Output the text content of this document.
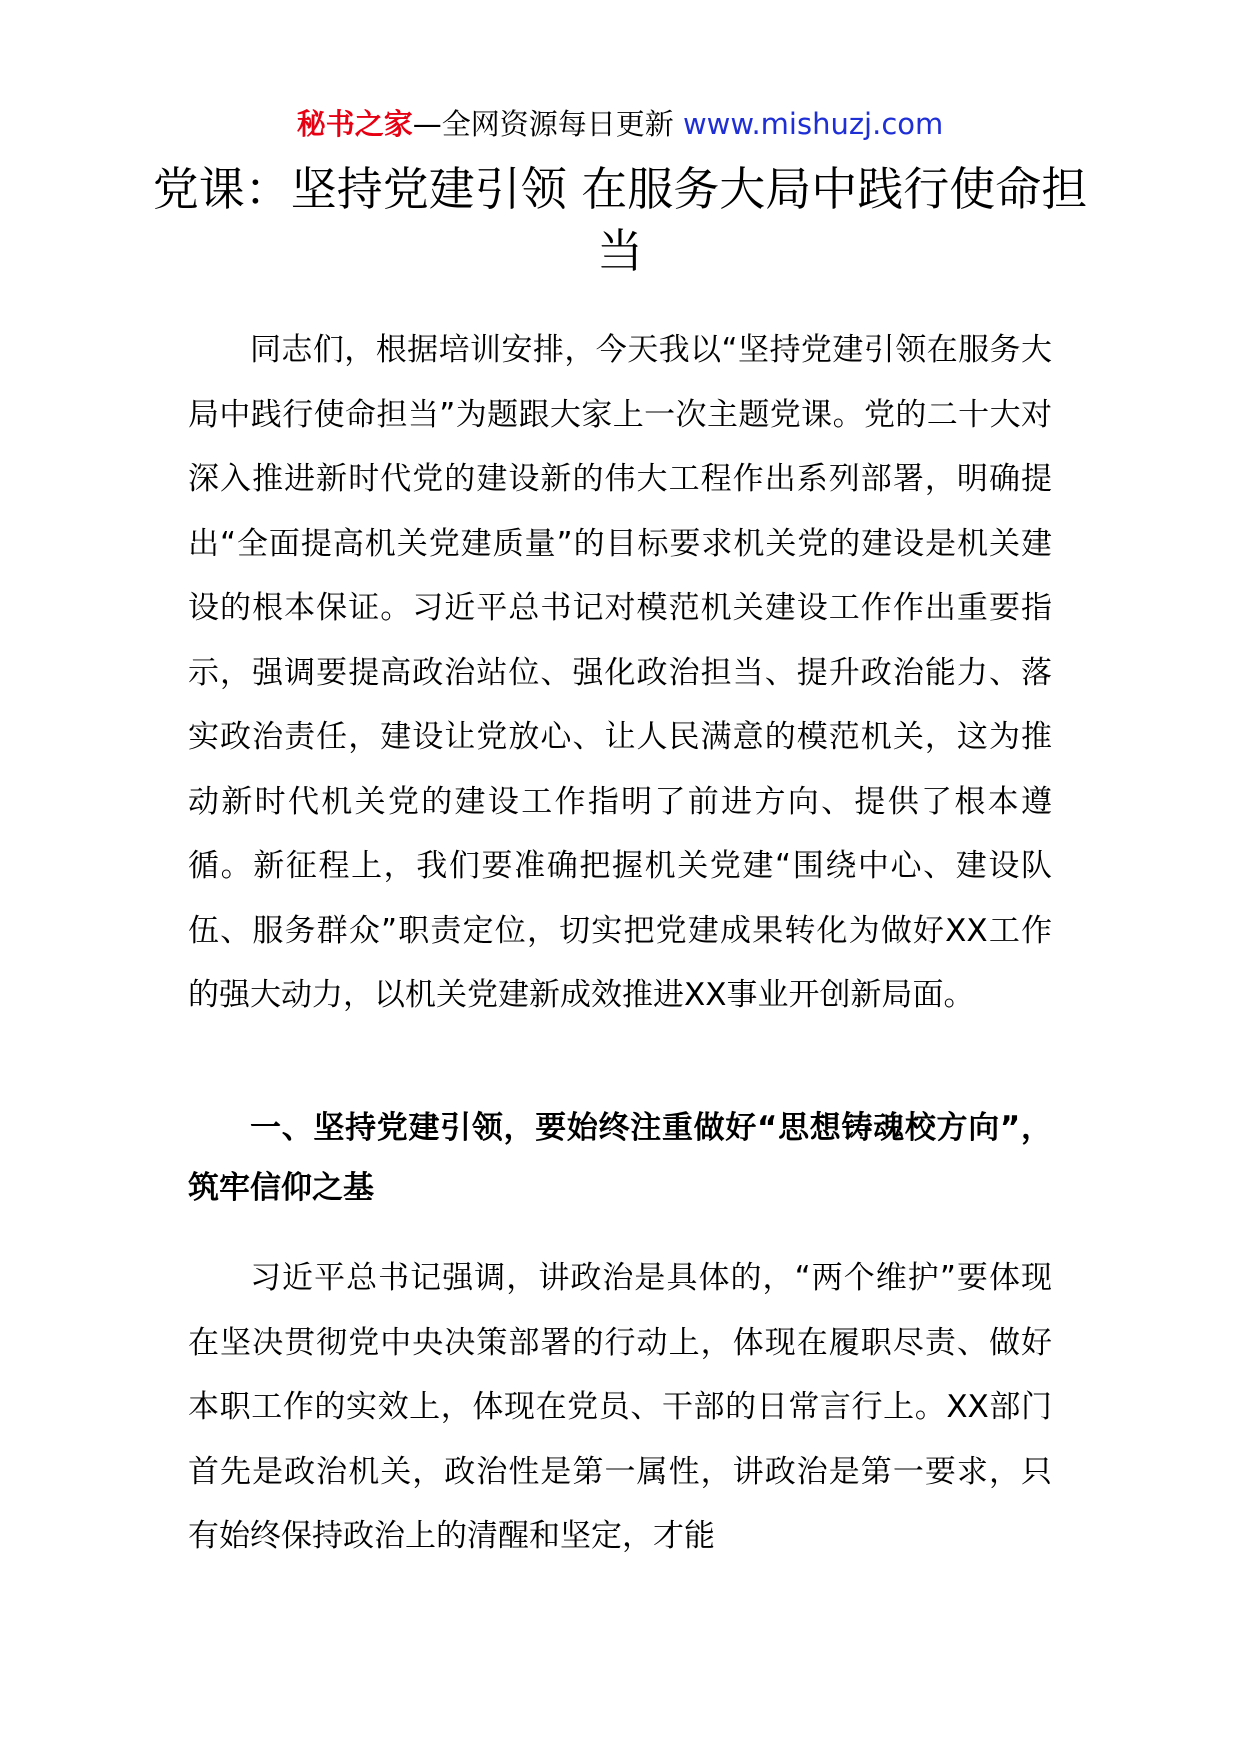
秘书之家—全网资源每日更新 www.mishuzj.com
党课：坚持党建引领 在服务大局中践行使命担当

同志们，根据培训安排，今天我以“坚持党建引领在服务大局中践行使命担当”为题跟大家上一次主题党课。党的二十大对深入推进新时代党的建设新的伟大工程作出系列部署，明确提出“全面提高机关党建质量”的目标要求机关党的建设是机关建设的根本保证。习近平总书记对模范机关建设工作作出重要指示，强调要提高政治站位、强化政治担当、提升政治能力、落实政治责任，建设让党放心、让人民满意的模范机关，这为推动新时代机关党的建设工作指明了前进方向、提供了根本遵循。新征程上，我们要准确把握机关党建“围绕中心、建设队伍、服务群众”职责定位，切实把党建成果转化为做好XX工作的强大动力，以机关党建新成效推进XX事业开创新局面。

一、坚持党建引领，要始终注重做好“思想铸魂校方向”，筑牢信仰之基

习近平总书记强调，讲政治是具体的，“两个维护”要体现在坚决贯彻党中央决策部署的行动上，体现在履职尽责、做好本职工作的实效上，体现在党员、干部的日常言行上。XX部门首先是政治机关，政治性是第一属性，讲政治是第一要求，只有始终保持政治上的清醒和坚定，才能
